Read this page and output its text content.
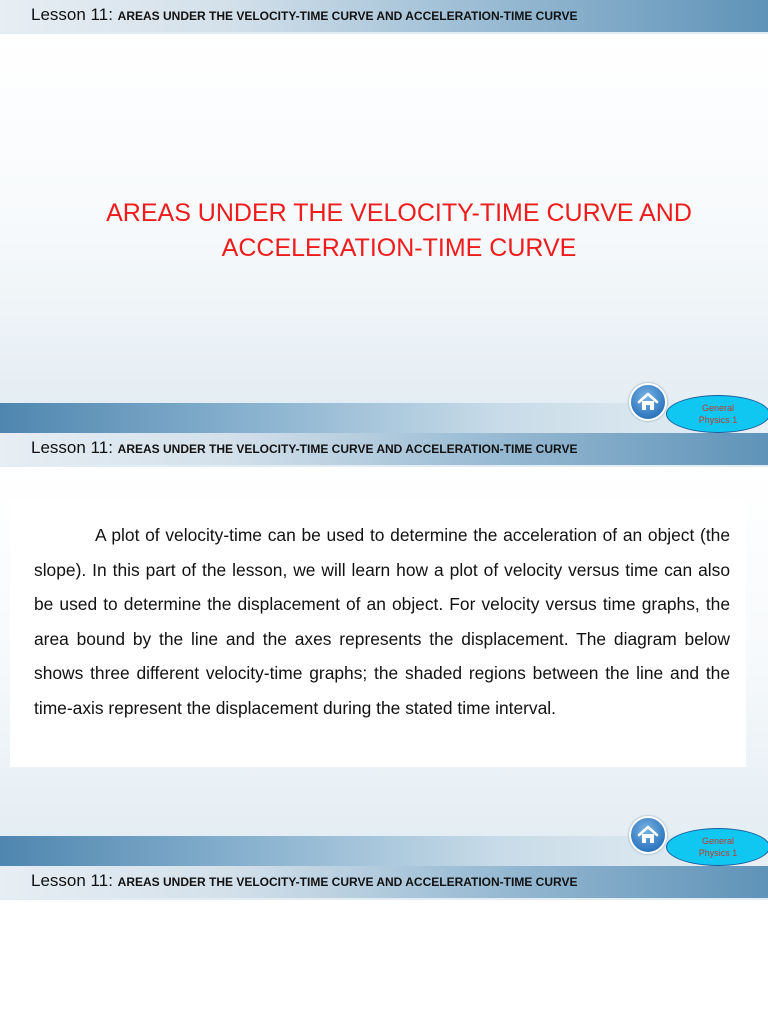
Lesson 11: AREAS UNDER THE VELOCITY-TIME CURVE AND ACCELERATION-TIME CURVE
AREAS UNDER THE VELOCITY-TIME CURVE AND ACCELERATION-TIME CURVE
General
Physics 1
Lesson 11: AREAS UNDER THE VELOCITY-TIME CURVE AND ACCELERATION-TIME CURVE
General
Physics 1

A plot of velocity-time can be used to determine the acceleration of an object (the slope). In this part of the lesson, we will learn how a plot of velocity versus time can also be used to determine the displacement of an object. For velocity versus time graphs, the area bound by the line and the axes represents the displacement. The diagram below shows three different velocity-time graphs; the shaded regions between the line and the time-axis represent the displacement during the stated time interval.

Lesson 11: AREAS UNDER THE VELOCITY-TIME CURVE AND ACCELERATION-TIME CURVE
